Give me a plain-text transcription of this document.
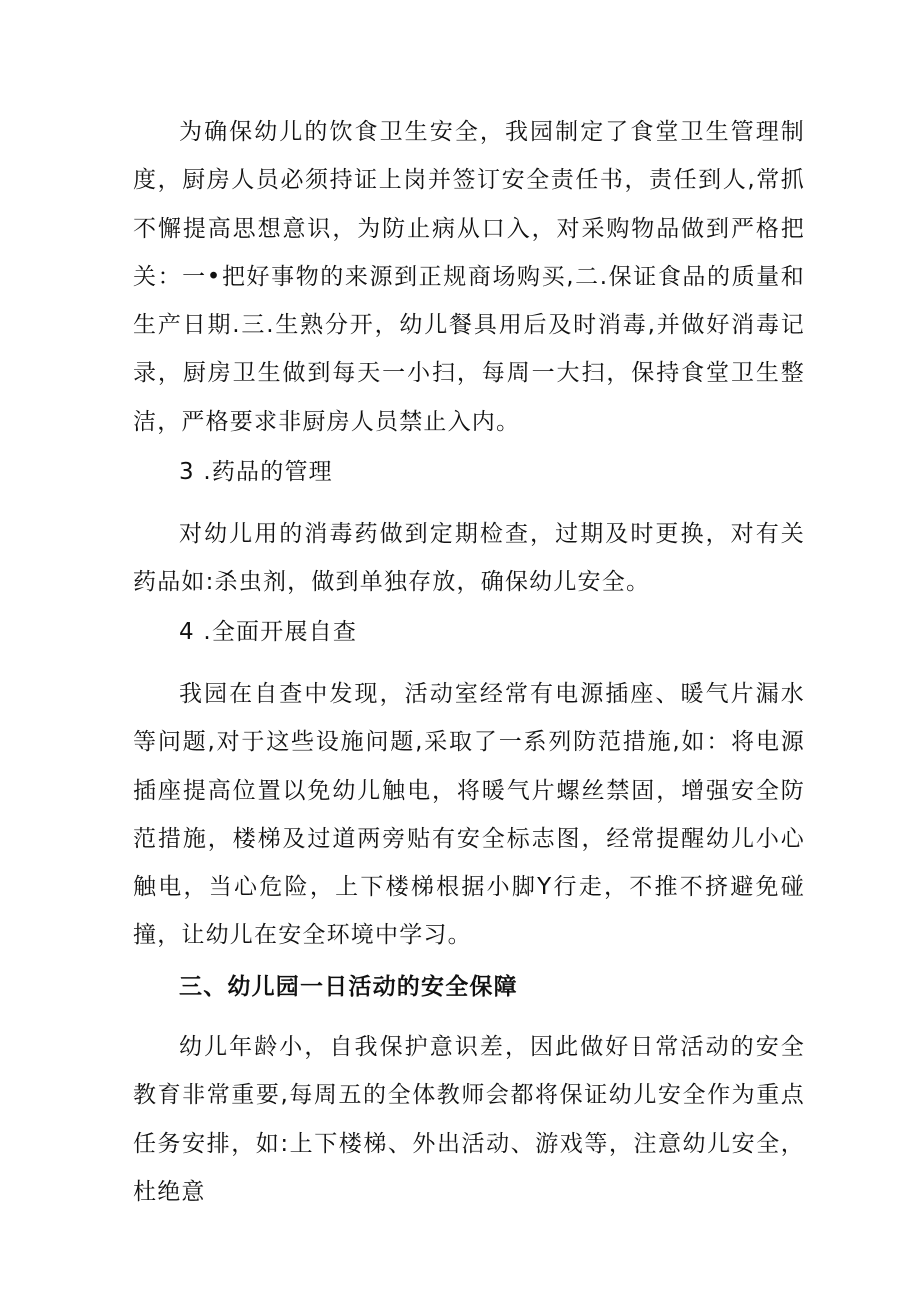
为确保幼儿的饮食卫生安全，我园制定了食堂卫生管理制度，厨房人员必须持证上岗并签订安全责任书，责任到人,常抓不懈提高思想意识，为防止病从口入，对采购物品做到严格把关：一•把好事物的来源到正规商场购买,二.保证食品的质量和生产日期.三.生熟分开，幼儿餐具用后及时消毒,并做好消毒记录，厨房卫生做到每天一小扫，每周一大扫，保持食堂卫生整洁，严格要求非厨房人员禁止入内。

3 .药品的管理

对幼儿用的消毒药做到定期检查，过期及时更换，对有关药品如:杀虫剂，做到单独存放，确保幼儿安全。

4 .全面开展自查

我园在自查中发现，活动室经常有电源插座、暖气片漏水等问题,对于这些设施问题,采取了一系列防范措施,如：将电源插座提高位置以免幼儿触电，将暖气片螺丝禁固，增强安全防范措施，楼梯及过道两旁贴有安全标志图，经常提醒幼儿小心触电，当心危险，上下楼梯根据小脚Y行走，不推不挤避免碰撞，让幼儿在安全环境中学习。

三、幼儿园一日活动的安全保障

幼儿年龄小，自我保护意识差，因此做好日常活动的安全教育非常重要,每周五的全体教师会都将保证幼儿安全作为重点任务安排，如:上下楼梯、外出活动、游戏等，注意幼儿安全，杜绝意
